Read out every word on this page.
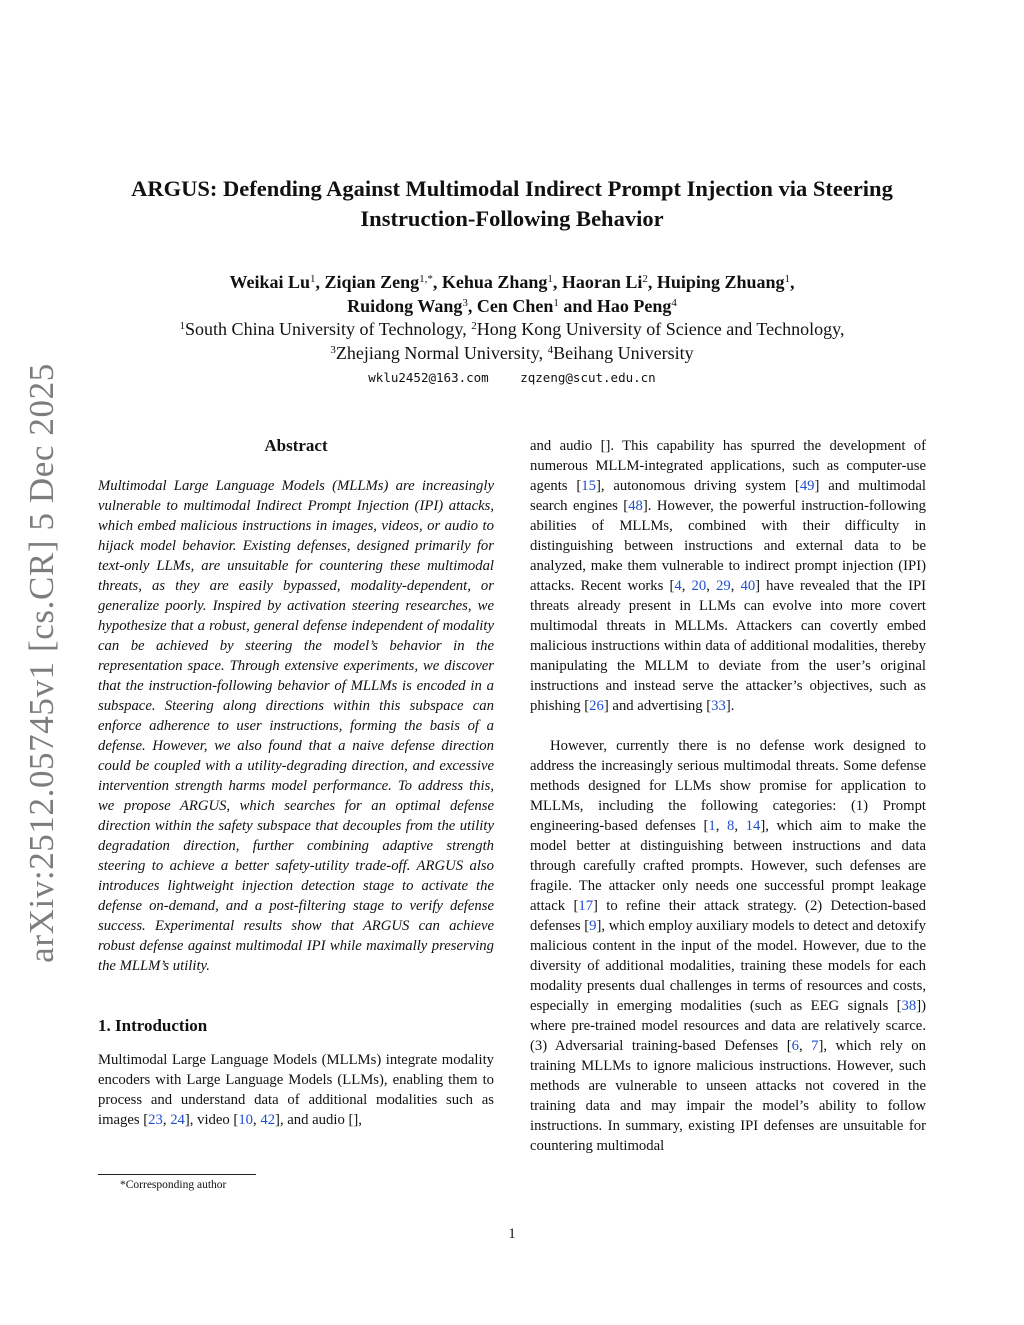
arXiv:2512.05745v1 [cs.CR] 5 Dec 2025
ARGUS: Defending Against Multimodal Indirect Prompt Injection via Steering
Instruction-Following Behavior
Weikai Lu$^1$, Ziqian Zeng$^{1,*}$, Kehua Zhang$^1$, Haoran Li$^2$, Huiping Zhuang$^1$,
Ruidong Wang$^3$, Cen Chen$^1$ and Hao Peng$^4$
$^1$South China University of Technology, $^2$Hong Kong University of Science and Technology,
$^3$Zhejiang Normal University, $^4$Beihang University
wklu2452@163.com	zqzeng@scut.edu.cn
Abstract

Multimodal Large Language Models (MLLMs) are increasingly vulnerable to multimodal Indirect Prompt Injection (IPI) attacks, which embed malicious instructions in images, videos, or audio to hijack model behavior. Existing defenses, designed primarily for text-only LLMs, are unsuitable for countering these multimodal threats, as they are easily bypassed, modality-dependent, or generalize poorly. Inspired by activation steering researches, we hypothesize that a robust, general defense independent of modality can be achieved by steering the model’s behavior in the representation space. Through extensive experiments, we discover that the instruction-following behavior of MLLMs is encoded in a subspace. Steering along directions within this subspace can enforce adherence to user instructions, forming the basis of a defense. However, we also found that a naive defense direction could be coupled with a utility-degrading direction, and excessive intervention strength harms model performance. To address this, we propose ARGUS, which searches for an optimal defense direction within the safety subspace that decouples from the utility degradation direction, further combining adaptive strength steering to achieve a better safety-utility trade-off. ARGUS also introduces lightweight injection detection stage to activate the defense on-demand, and a post-filtering stage to verify defense success. Experimental results show that ARGUS can achieve robust defense against multimodal IPI while maximally preserving the MLLM’s utility.

1. Introduction

Multimodal Large Language Models (MLLMs) integrate modality encoders with Large Language Models (LLMs), enabling them to process and understand data of additional modalities such as images [23, 24], video [10, 42], and audio [],

and audio []. This capability has spurred the development of numerous MLLM-integrated applications, such as computer-use agents [15], autonomous driving system [49] and multimodal search engines [48]. However, the powerful instruction-following abilities of MLLMs, combined with their difficulty in distinguishing between instructions and external data to be analyzed, make them vulnerable to indirect prompt injection (IPI) attacks. Recent works [4, 20, 29, 40] have revealed that the IPI threats already present in LLMs can evolve into more covert multimodal threats in MLLMs. Attackers can covertly embed malicious instructions within data of additional modalities, thereby manipulating the MLLM to deviate from the user’s original instructions and instead serve the attacker’s objectives, such as phishing [26] and advertising [33].

However, currently there is no defense work designed to address the increasingly serious multimodal threats. Some defense methods designed for LLMs show promise for application to MLLMs, including the following categories: (1) Prompt engineering-based defenses [1, 8, 14], which aim to make the model better at distinguishing between instructions and data through carefully crafted prompts. However, such defenses are fragile. The attacker only needs one successful prompt leakage attack [17] to refine their attack strategy. (2) Detection-based defenses [9], which employ auxiliary models to detect and detoxify malicious content in the input of the model. However, due to the diversity of additional modalities, training these models for each modality presents dual challenges in terms of resources and costs, especially in emerging modalities (such as EEG signals [38]) where pre-trained model resources and data are relatively scarce. (3) Adversarial training-based Defenses [6, 7], which rely on training MLLMs to ignore malicious instructions. However, such methods are vulnerable to unseen attacks not covered in the training data and may impair the model’s ability to follow instructions. In summary, existing IPI defenses are unsuitable for countering multimodal

*Corresponding author
1
